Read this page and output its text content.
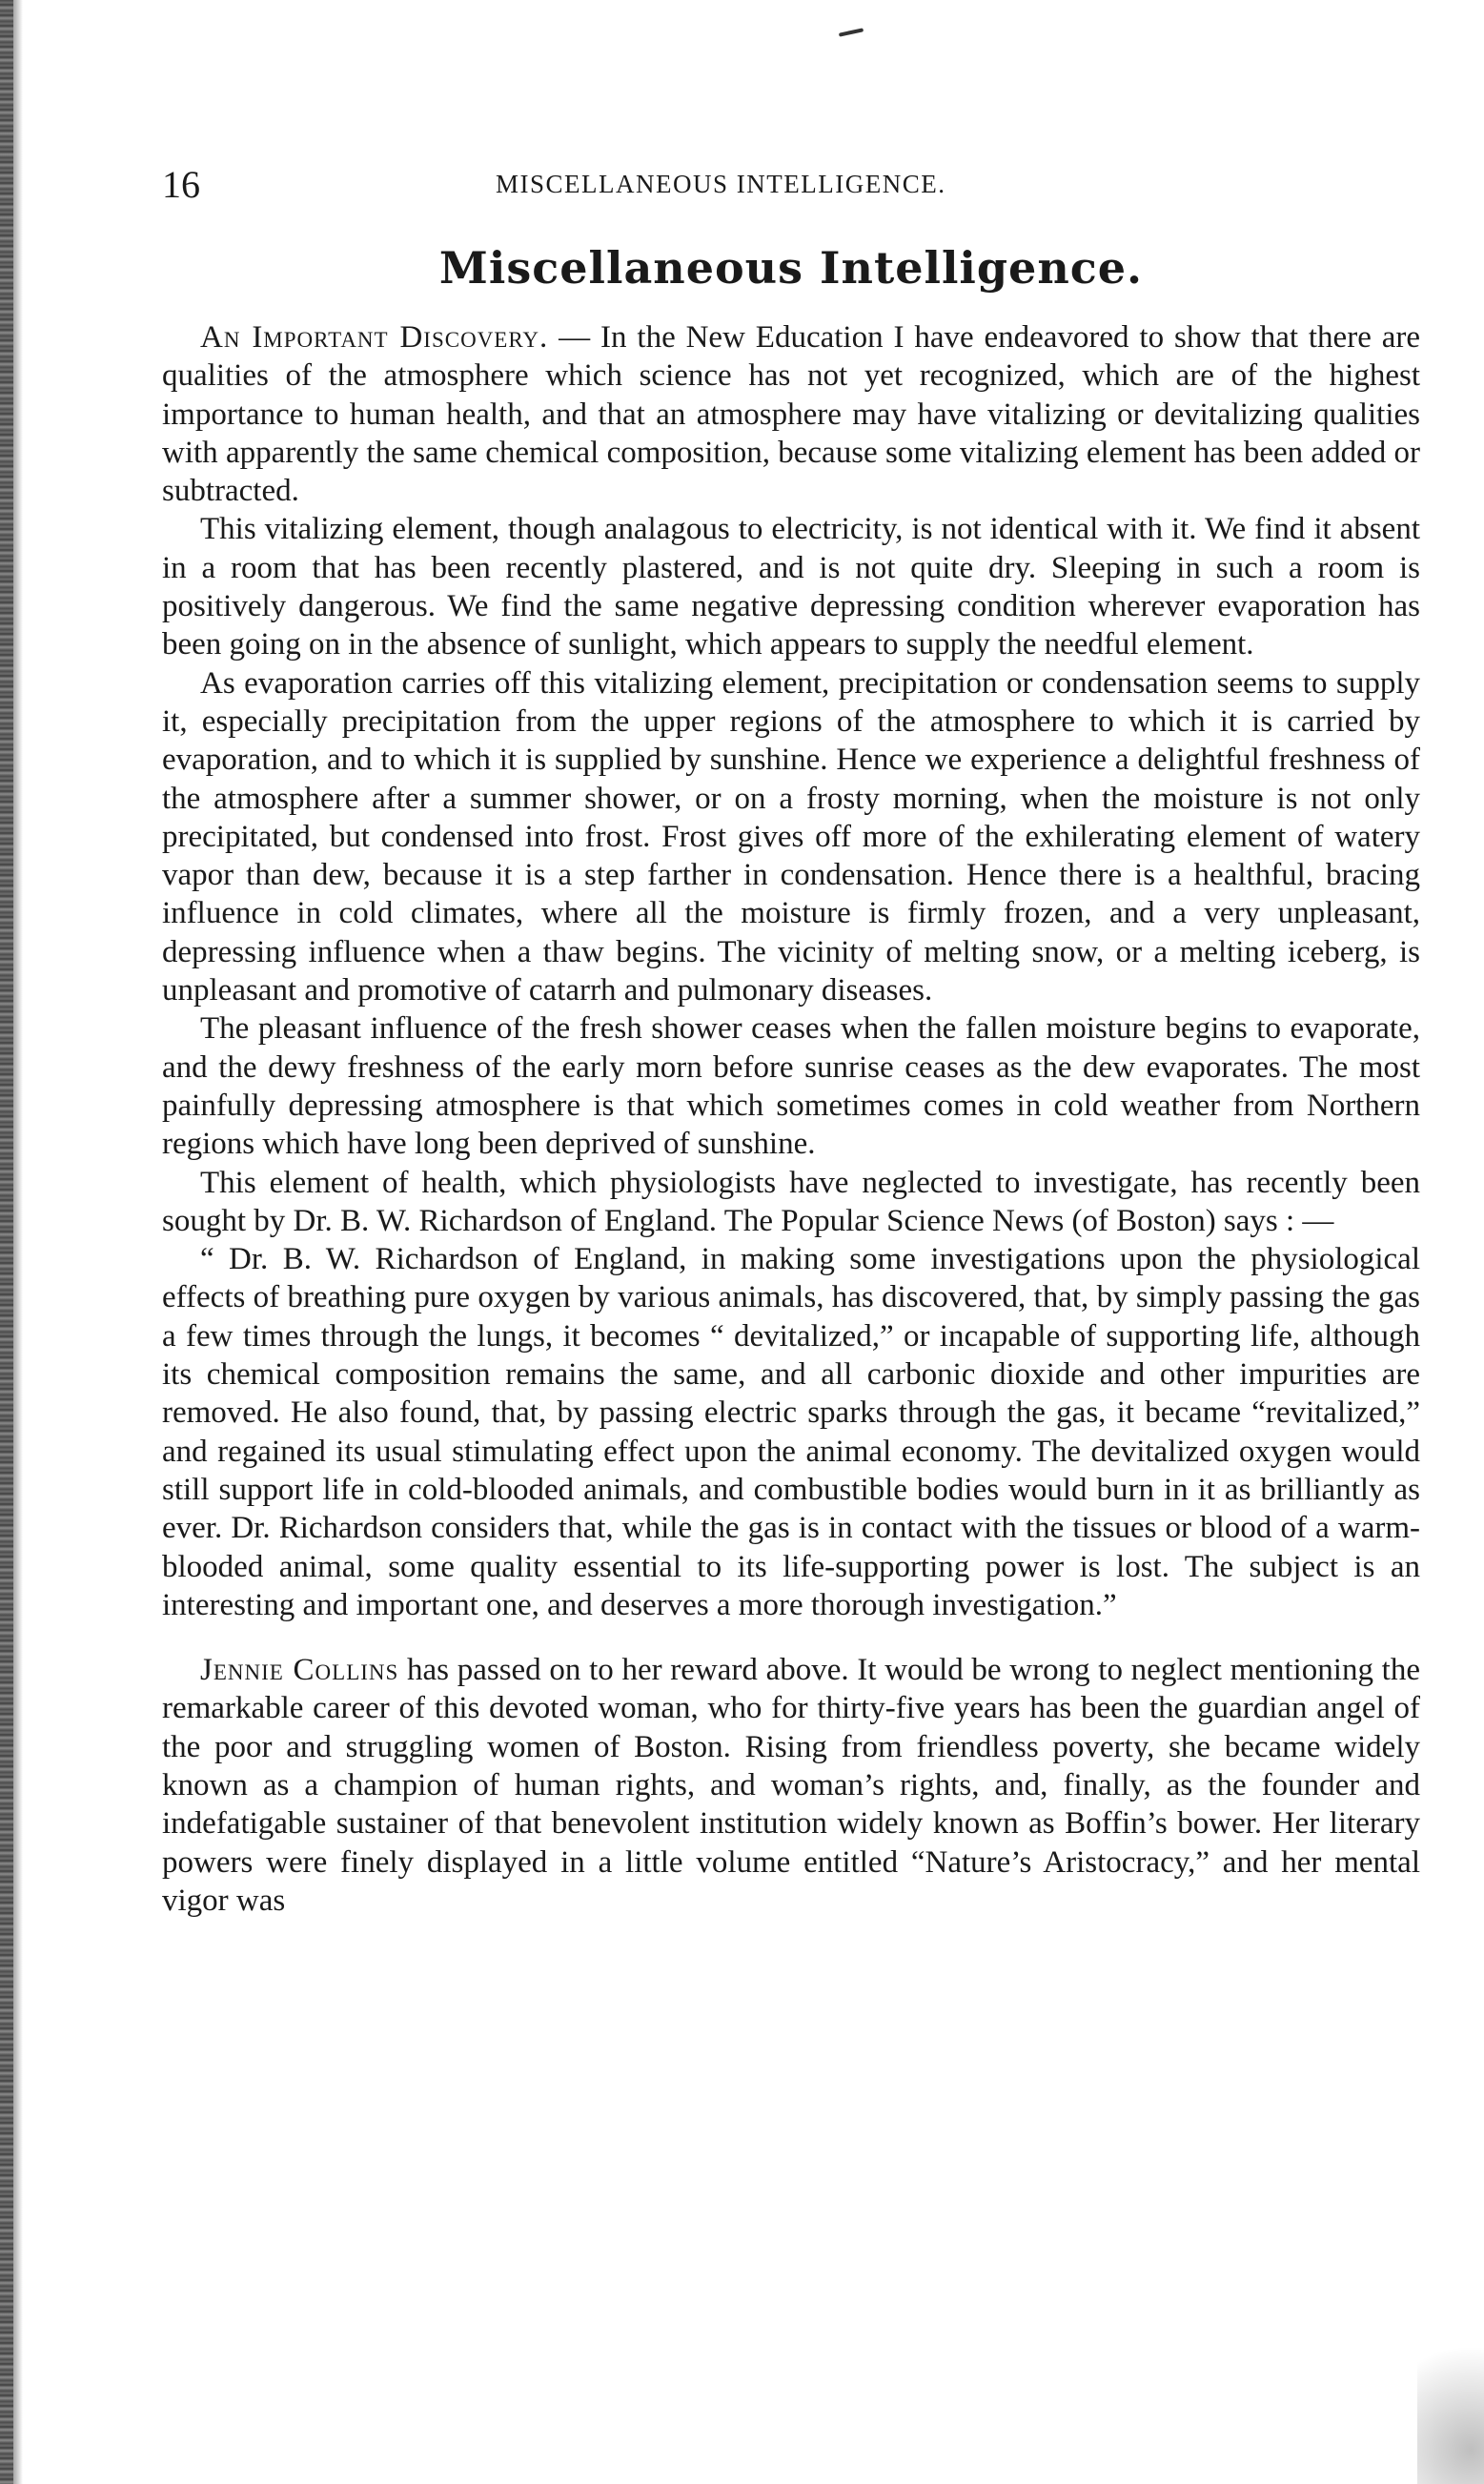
16	MISCELLANEOUS INTELLIGENCE.
Miscellaneous Intelligence.

An Important Discovery. — In the New Education I have endeavored to show that there are qualities of the atmosphere which science has not yet recognized, which are of the highest importance to human health, and that an atmosphere may have vitalizing or devitalizing qualities with apparently the same chemical composition, because some vitalizing element has been added or subtracted.

This vitalizing element, though analagous to electricity, is not identical with it. We find it absent in a room that has been recently plastered, and is not quite dry. Sleeping in such a room is positively dangerous. We find the same negative depressing condition wherever evaporation has been going on in the absence of sunlight, which appears to supply the needful element.

As evaporation carries off this vitalizing element, precipitation or condensation seems to supply it, especially precipitation from the upper regions of the atmosphere to which it is carried by evaporation, and to which it is supplied by sunshine. Hence we experience a delightful freshness of the atmosphere after a summer shower, or on a frosty morning, when the moisture is not only precipitated, but condensed into frost. Frost gives off more of the exhilerating element of watery vapor than dew, because it is a step farther in condensation. Hence there is a healthful, bracing influence in cold climates, where all the moisture is firmly frozen, and a very unpleasant, depressing influence when a thaw begins. The vicinity of melting snow, or a melting iceberg, is unpleasant and promotive of catarrh and pulmonary diseases.

The pleasant influence of the fresh shower ceases when the fallen moisture begins to evaporate, and the dewy freshness of the early morn before sunrise ceases as the dew evaporates. The most painfully depressing atmosphere is that which sometimes comes in cold weather from Northern regions which have long been deprived of sunshine.

This element of health, which physiologists have neglected to investigate, has recently been sought by Dr. B. W. Richardson of England. The Popular Science News (of Boston) says : —

“ Dr. B. W. Richardson of England, in making some investigations upon the physiological effects of breathing pure oxygen by various animals, has discovered, that, by simply passing the gas a few times through the lungs, it becomes “ devitalized,” or incapable of supporting life, although its chemical composition remains the same, and all carbonic dioxide and other impurities are removed. He also found, that, by passing electric sparks through the gas, it became “revitalized,” and regained its usual stimulating effect upon the animal economy. The devitalized oxygen would still support life in cold-blooded animals, and combustible bodies would burn in it as brilliantly as ever. Dr. Richardson considers that, while the gas is in contact with the tissues or blood of a warm-blooded animal, some quality essential to its life-supporting power is lost. The subject is an interesting and important one, and deserves a more thorough investigation.”

Jennie Collins has passed on to her reward above. It would be wrong to neglect mentioning the remarkable career of this devoted woman, who for thirty-five years has been the guardian angel of the poor and struggling women of Boston. Rising from friendless poverty, she became widely known as a champion of human rights, and woman’s rights, and, finally, as the founder and indefatigable sustainer of that benevolent institution widely known as Boffin’s bower. Her literary powers were finely displayed in a little volume entitled “Nature’s Aristocracy,” and her mental vigor was
